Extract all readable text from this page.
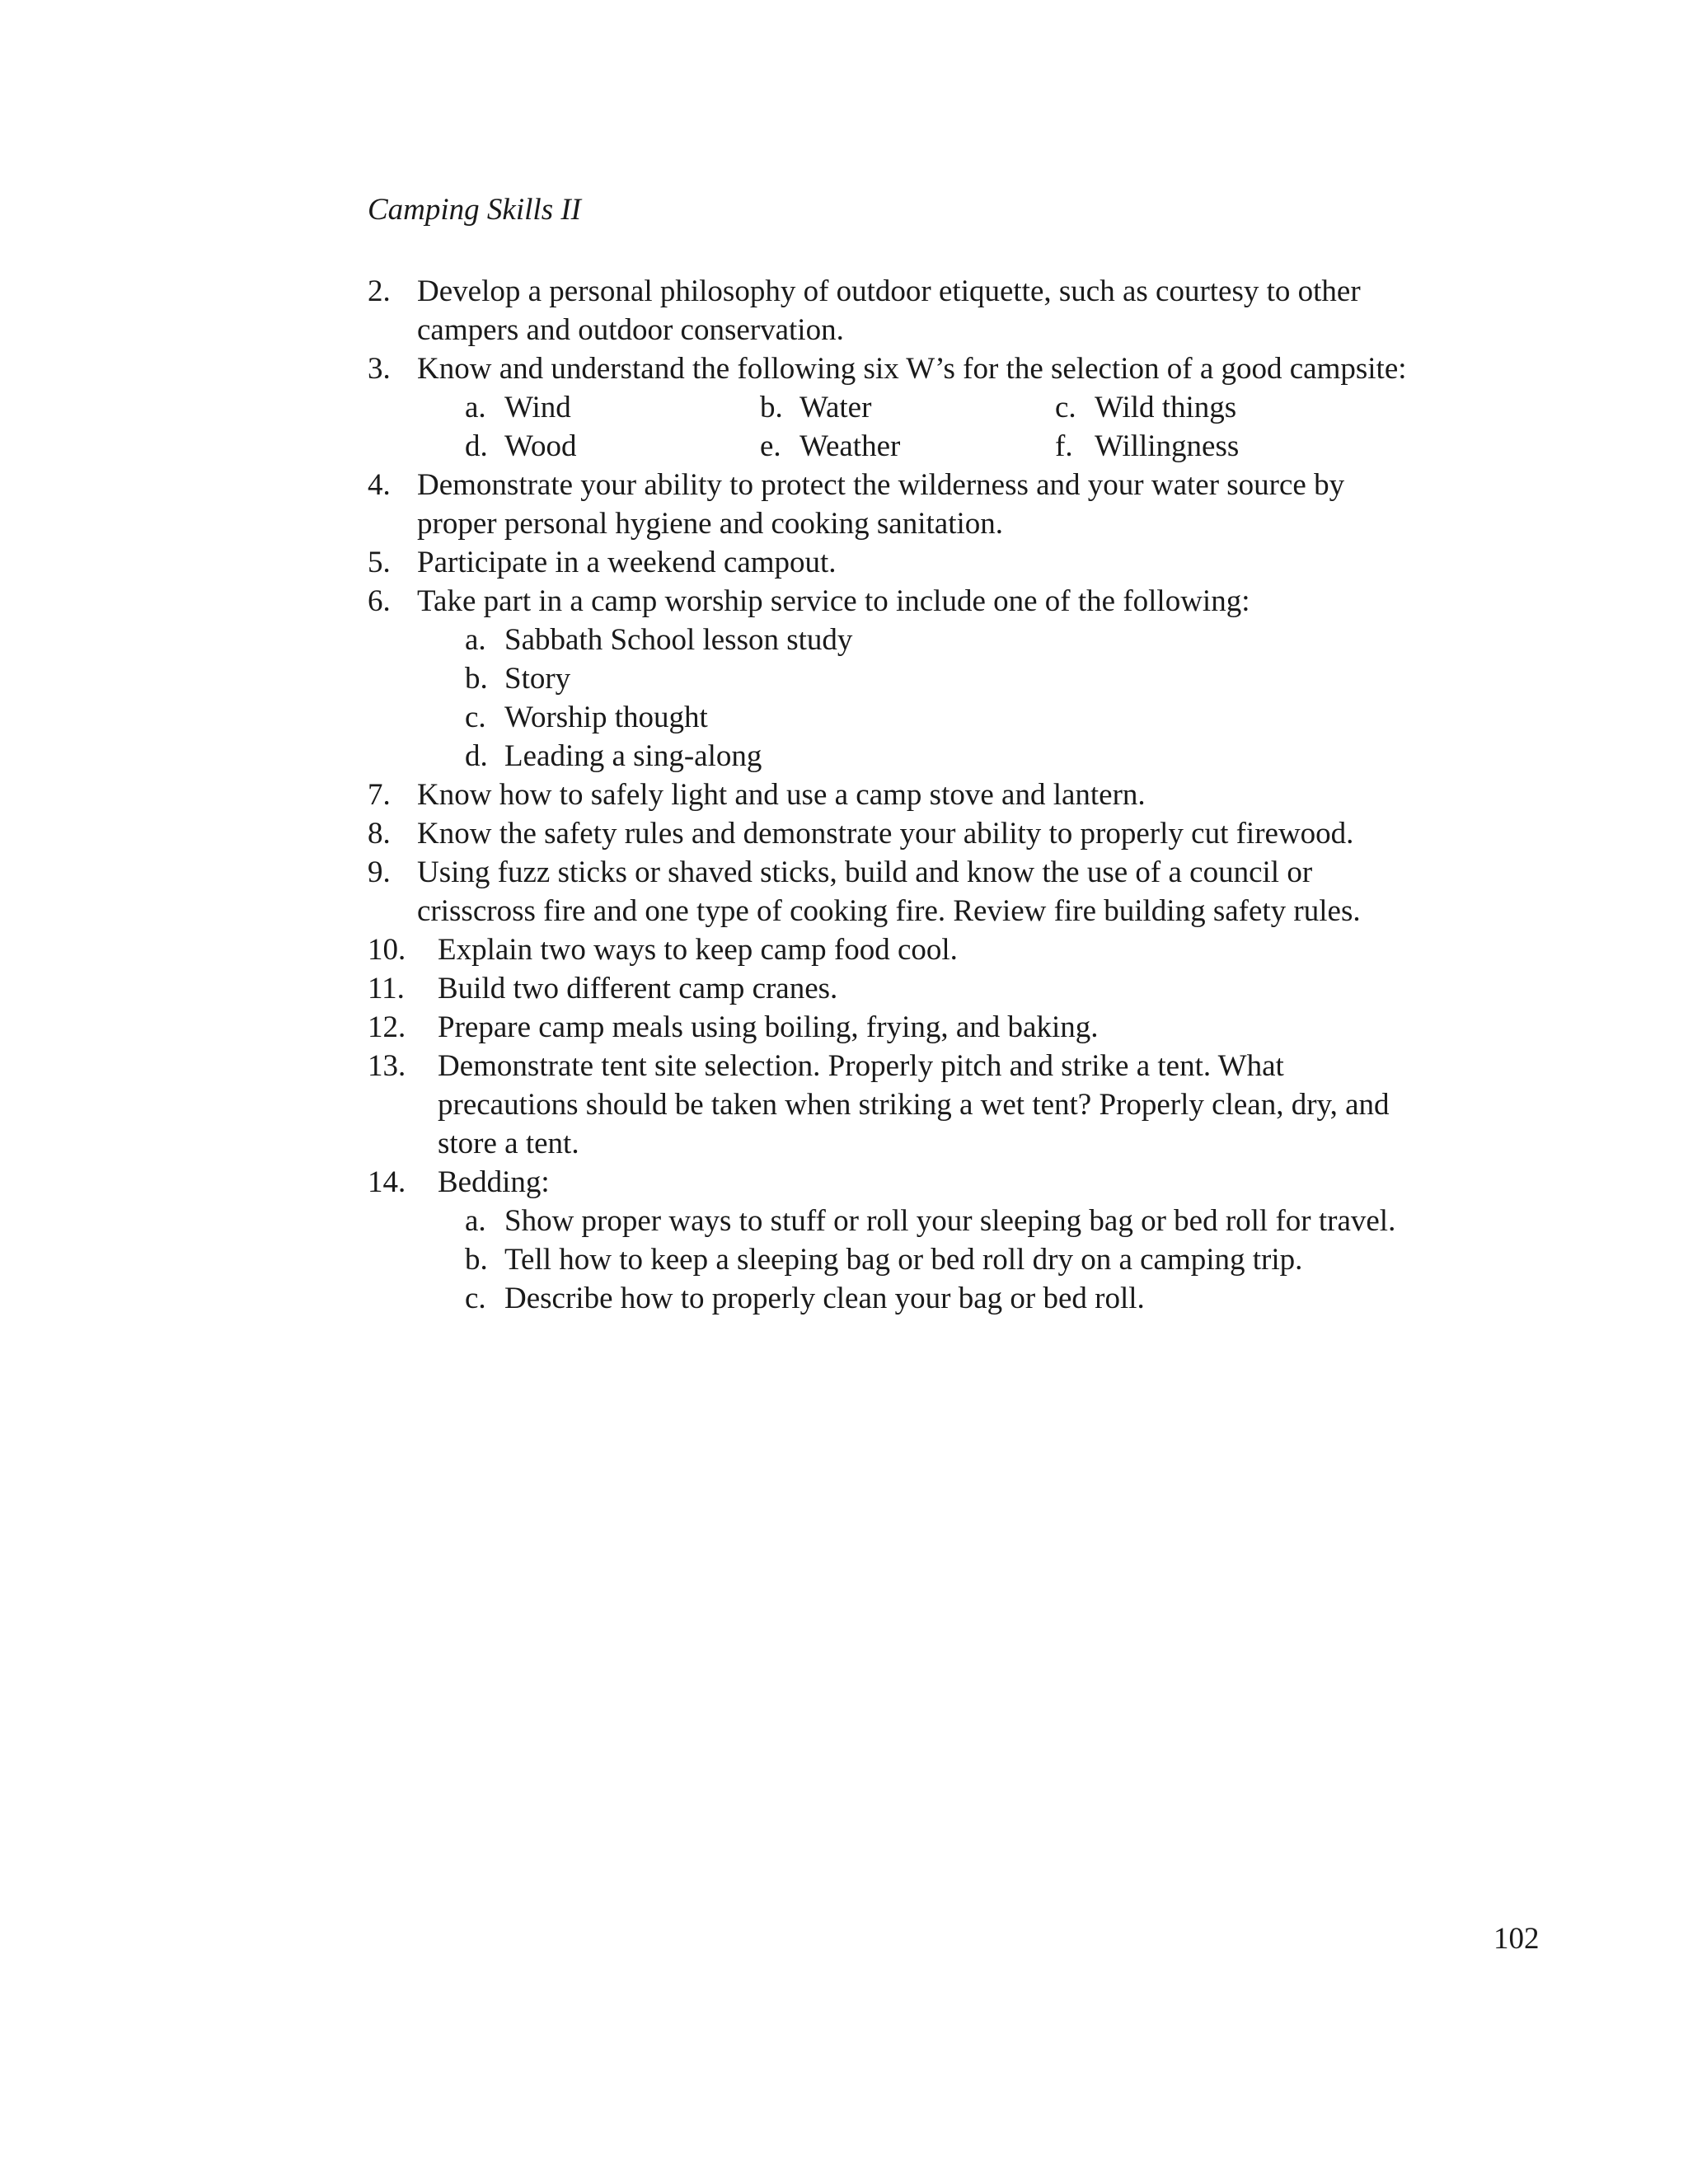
Camping Skills II
2. Develop a personal philosophy of outdoor etiquette, such as courtesy to other
campers and outdoor conservation.
3. Know and understand the following six W’s for the selection of a good campsite:
a. Wind	b. Water	c. Wild things
d. Wood	e. Weather	f. Willingness
4. Demonstrate your ability to protect the wilderness and your water source by
proper personal hygiene and cooking sanitation.
5. Participate in a weekend campout.
6. Take part in a camp worship service to include one of the following:
a. Sabbath School lesson study
b. Story
c. Worship thought
d. Leading a sing-along
7. Know how to safely light and use a camp stove and lantern.
8. Know the safety rules and demonstrate your ability to properly cut firewood.
9. Using fuzz sticks or shaved sticks, build and know the use of a council or
crisscross fire and one type of cooking fire. Review fire building safety rules.
10.	Explain two ways to keep camp food cool.
11.	Build two different camp cranes.
12.	Prepare camp meals using boiling, frying, and baking.
13.	Demonstrate tent site selection. Properly pitch and strike a tent. What
precautions should be taken when striking a wet tent? Properly clean, dry, and
store a tent.
14.	Bedding:
a. Show proper ways to stuff or roll your sleeping bag or bed roll for travel.
b. Tell how to keep a sleeping bag or bed roll dry on a camping trip.
c. Describe how to properly clean your bag or bed roll.
102
